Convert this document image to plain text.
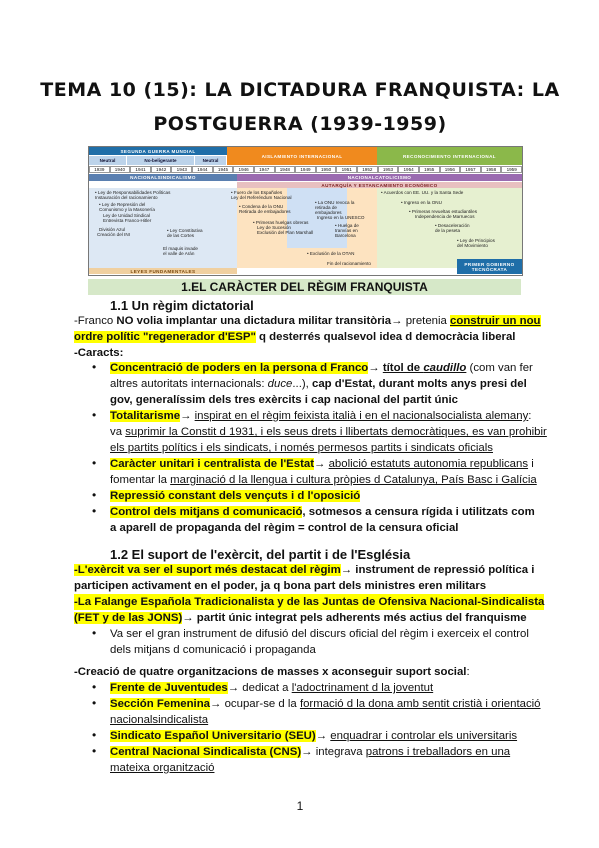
TEMA 10 (15): LA DICTADURA FRANQUISTA: LA
POSTGUERRA (1939-1959)
SEGUNDA GUERRA MUNDIAL
AISLAMIENTO INTERNACIONAL	RECONOCIMIENTO INTERNACIONAL
Neutral	No-beligerante	Neutral
1939	1940	1941	1942	1943	1944	1945	1946	1947	1948	1949	1950	1951	1952	1953	1954	1955	1956	1957	1958	1959
NACIONALSINDICALISMO	NACIONALCATOLICISMO
AUTARQUÍA Y ESTANCAMIENTO ECONÓMICO
• Ley de Responsabilidades Políticas
Instauración del racionamiento
• Ley de Represión del Comunismo y la Masonería
Ley de Unidad Sindical
Entrevista Franco-Hitler
División Azul
Creación del INI
• Ley Constitutiva de las Cortes
El maquis invade el valle de Arán
• Fuero de los Españoles
Ley del Referéndum Nacional
• Condena de la ONU
Retirada de embajadores
• Primeras huelgas obreras
Ley de Sucesión
Exclusión del Plan Marshall
• Exclusión de la OTAN
Fin del racionamiento
• La ONU revoca la retirada de embajadores
Ingreso en la UNESCO
• Huelga de tranvías en Barcelona
• Acuerdos con EE. UU. y la Santa Sede
• Ingreso en la ONU
• Primeras revueltas estudiantiles
Independencia de Marruecos
• Desaceleración de la peseta
• Ley de Principios del Movimiento
LEYES FUNDAMENTALES
PRIMER GOBIERNO TECNÓCRATA
1.EL CARÀCTER DEL RÈGIM FRANQUISTA
1.1 Un règim dictatorial
-Franco NO volia implantar una dictadura militar transitòria→ pretenia construir un nou
ordre polític "regenerador d'ESP" q desterrés qualsevol idea d democràcia liberal
-Caracts:
• Concentració de poders en la persona d Franco→ títol de caudillo (com van fer
altres autoritats internacionals: duce...), cap d'Estat, durant molts anys presi del
gov, generalíssim dels tres exèrcits i cap nacional del partit únic
• Totalitarisme→ inspirat en el règim feixista italià i en el nacionalsocialista alemany:
va suprimir la Constit d 1931, i els seus drets i llibertats democràtiques, es van prohibir
els partits polítics i els sindicats, i només permesos partits i sindicats oficials
• Caràcter unitari i centralista de l'Estat→ abolició estatuts autonomia republicans i
fomentar la marginació d la llengua i cultura pròpies d Catalunya, País Basc i Galícia
• Repressió constant dels vençuts i d l'oposició
• Control dels mitjans d comunicació, sotmesos a censura rígida i utilitzats com
a aparell de propaganda del règim = control de la censura oficial
1.2 El suport de l'exèrcit, del partit i de l'Església
-L'exèrcit va ser el suport més destacat del règim→ instrument de repressió política i
participen activament en el poder, ja q bona part dels ministres eren militars
-La Falange Española Tradicionalista y de las Juntas de Ofensiva Nacional-Sindicalista
(FET y de las JONS)→ partit únic integrat pels adherents més actius del franquisme
• Va ser el gran instrument de difusió del discurs oficial del règim i exerceix el control
dels mitjans d comunicació i propaganda
-Creació de quatre organitzacions de masses x aconseguir suport social:
• Frente de Juventudes→ dedicat a l'adoctrinament d la joventut
• Sección Femenina→ ocupar-se d la formació d la dona amb sentit cristià i orientació
nacionalsindicalista
• Sindicato Español Universitario (SEU)→ enquadrar i controlar els universitaris
• Central Nacional Sindicalista (CNS)→ integrava patrons i treballadors en una
mateixa organització
1
